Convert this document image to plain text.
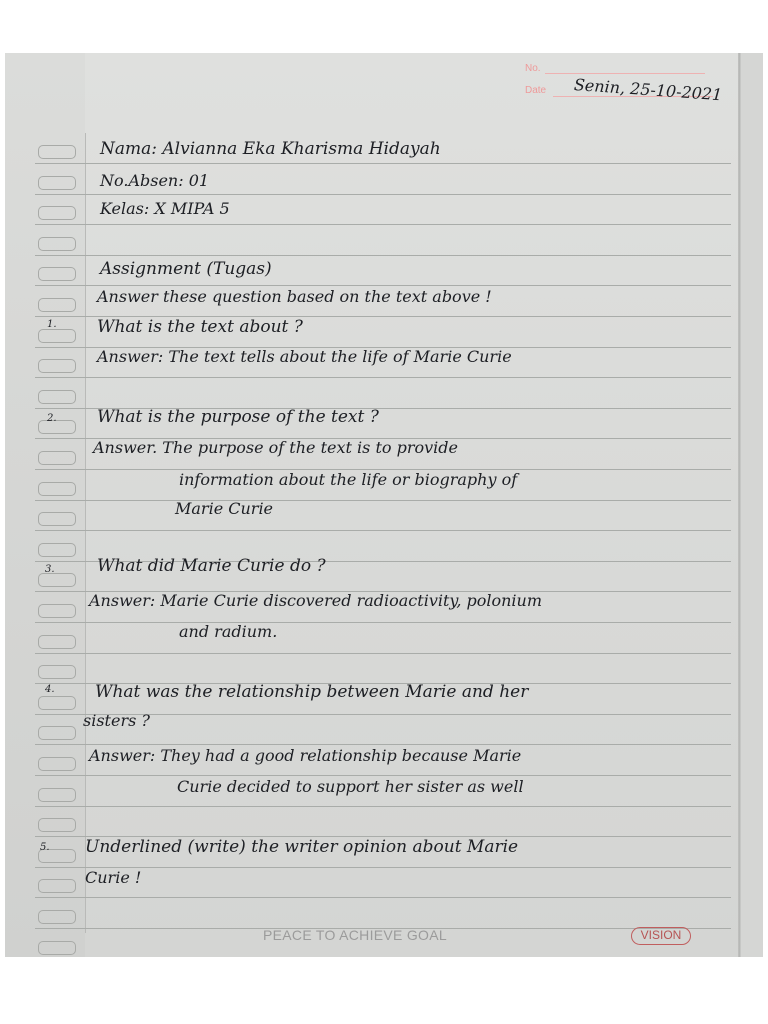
No.
Date Senin, 25-10-2021
Nama: Alvianna Eka Kharisma Hidayah
No.Absen: 01
Kelas: X MIPA 5
Assignment (Tugas)
Answer these question based on the text above !
1. What is the text about ?
Answer: The text tells about the life of Marie Curie
2. What is the purpose of the text ?
Answer. The purpose of the text is to provide
information about the life or biography of
Marie Curie
3. What did Marie Curie do ?
Answer: Marie Curie discovered radioactivity, polonium
and radium.
4. What was the relationship between Marie and her
sisters ?
Answer: They had a good relationship because Marie
Curie decided to support her sister as well
5. Underlined (write) the writer opinion about Marie
Curie !
PEACE TO ACHIEVE GOAL	VISION
